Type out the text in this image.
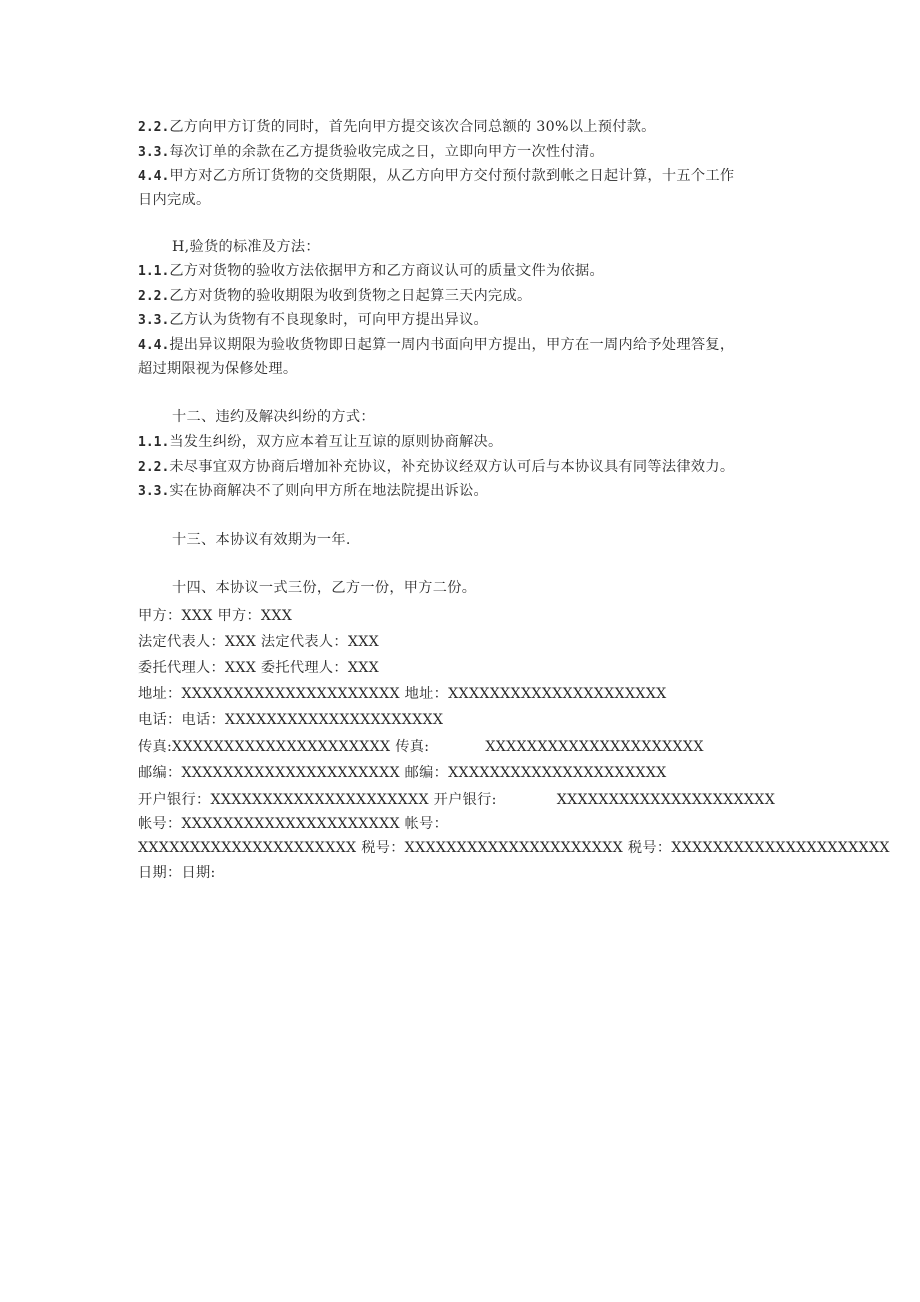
2.2.乙方向甲方订货的同时，首先向甲方提交该次合同总额的 30%以上预付款。
3.3.每次订单的余款在乙方提货验收完成之日，立即向甲方一次性付清。
4.4.甲方对乙方所订货物的交货期限，从乙方向甲方交付预付款到帐之日起计算，十五个工作
日内完成。
H,验货的标准及方法：
1.1.乙方对货物的验收方法依据甲方和乙方商议认可的质量文件为依据。
2.2.乙方对货物的验收期限为收到货物之日起算三天内完成。
3.3.乙方认为货物有不良现象时，可向甲方提出异议。
4.4.提出异议期限为验收货物即日起算一周内书面向甲方提出，甲方在一周内给予处理答复，
超过期限视为保修处理。
十二、违约及解决纠纷的方式：
1.1.当发生纠纷，双方应本着互让互谅的原则协商解决。
2.2.未尽事宜双方协商后增加补充协议，补充协议经双方认可后与本协议具有同等法律效力。
3.3.实在协商解决不了则向甲方所在地法院提出诉讼。
十三、本协议有效期为一年.
十四、本协议一式三份，乙方一份，甲方二份。
甲方：XXX 甲方：XXX
法定代表人：XXX 法定代表人：XXX
委托代理人：XXX 委托代理人：XXX
地址：XXXXXXXXXXXXXXXXXXXXX 地址：XXXXXXXXXXXXXXXXXXXXX
电话：电话：XXXXXXXXXXXXXXXXXXXXX
传真:XXXXXXXXXXXXXXXXXXXXX 传真:	XXXXXXXXXXXXXXXXXXXXX
邮编：XXXXXXXXXXXXXXXXXXXXX 邮编：XXXXXXXXXXXXXXXXXXXXX
开户银行：XXXXXXXXXXXXXXXXXXXXX 开户银行:	XXXXXXXXXXXXXXXXXXXXX
帐号：XXXXXXXXXXXXXXXXXXXXX 帐号：
XXXXXXXXXXXXXXXXXXXXX 税号：XXXXXXXXXXXXXXXXXXXXX 税号：XXXXXXXXXXXXXXXXXXXXX
日期：日期:
